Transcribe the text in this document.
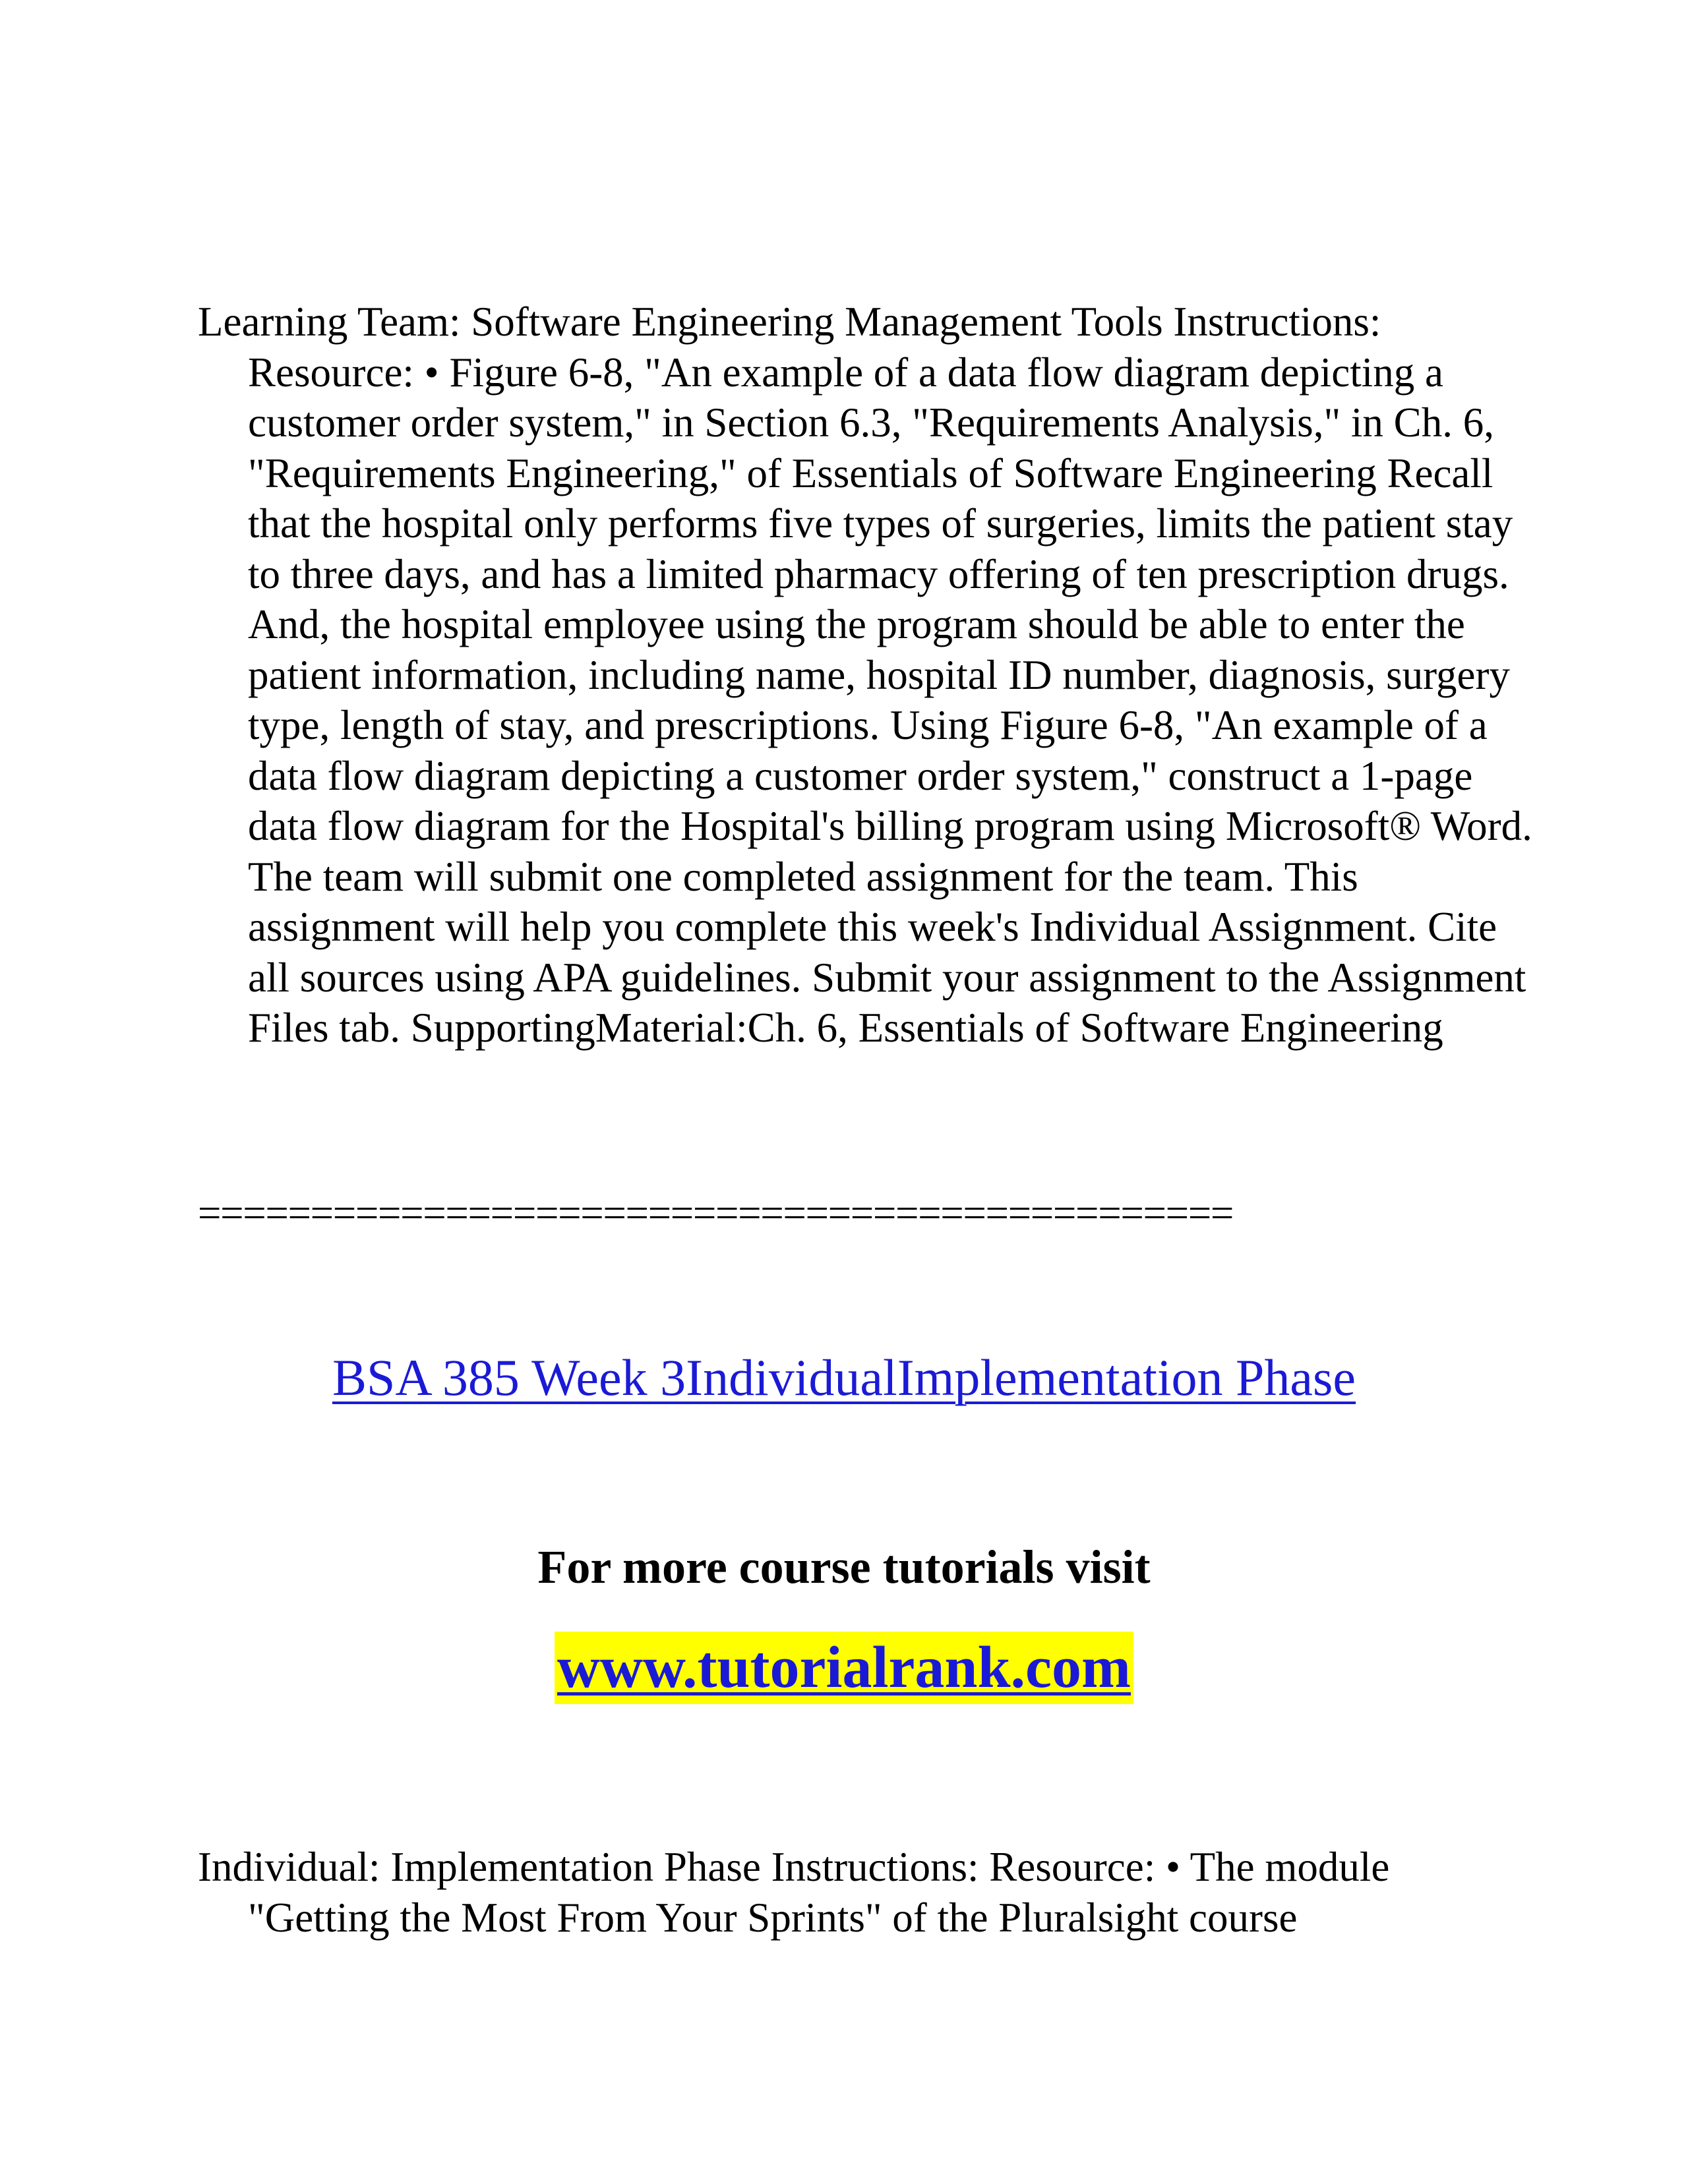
Learning Team: Software Engineering Management Tools Instructions: Resource: • Figure 6-8, "An example of a data flow diagram depicting a customer order system," in Section 6.3, "Requirements Analysis," in Ch. 6, "Requirements Engineering," of Essentials of Software Engineering Recall that the hospital only performs five types of surgeries, limits the patient stay to three days, and has a limited pharmacy offering of ten prescription drugs. And, the hospital employee using the program should be able to enter the patient information, including name, hospital ID number, diagnosis, surgery type, length of stay, and prescriptions. Using Figure 6-8, "An example of a data flow diagram depicting a customer order system," construct a 1-page data flow diagram for the Hospital's billing program using Microsoft® Word. The team will submit one completed assignment for the team. This assignment will help you complete this week's Individual Assignment. Cite all sources using APA guidelines. Submit your assignment to the Assignment Files tab. SupportingMaterial:Ch. 6, Essentials of Software Engineering

==============================================

BSA 385 Week 3IndividualImplementation Phase

For more course tutorials visit

www.tutorialrank.com

Individual: Implementation Phase Instructions: Resource: • The module "Getting the Most From Your Sprints" of the Pluralsight course
